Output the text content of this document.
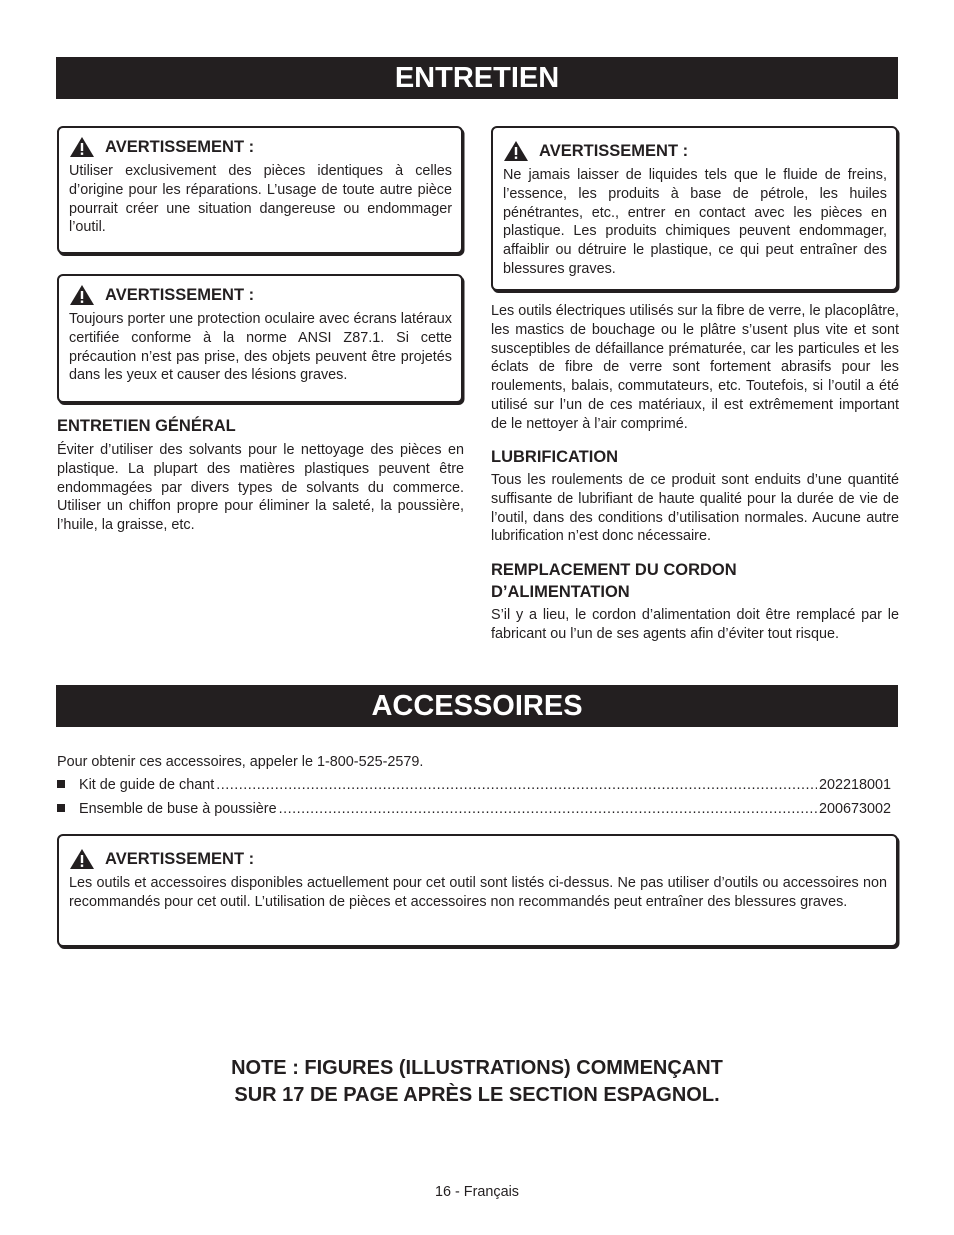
ENTRETIEN
AVERTISSEMENT :
Utiliser exclusivement des pièces identiques à celles d’origine pour les réparations. L’usage de toute autre pièce pourrait créer une situation dangereuse ou endommager l’outil.
AVERTISSEMENT :
Toujours porter une protection oculaire avec écrans latéraux certifiée conforme à la norme ANSI Z87.1. Si cette précaution n’est pas prise, des objets peuvent être projetés dans les yeux et causer des lésions graves.
ENTRETIEN GÉNÉRAL
Éviter d’utiliser des solvants pour le nettoyage des pièces en plastique. La plupart des matières plastiques peuvent être endommagées par divers types de solvants du commerce. Utiliser un chiffon propre pour éliminer la saleté, la poussière, l’huile, la graisse, etc.
AVERTISSEMENT :
Ne jamais laisser de liquides tels que le fluide de freins, l’essence, les produits à base de pétrole, les huiles pénétrantes, etc., entrer en contact avec les pièces en plastique. Les produits chimiques peuvent endommager, affaiblir ou détruire le plastique, ce qui peut entraîner des blessures graves.
Les outils électriques utilisés sur la fibre de verre, le placoplâtre, les mastics de bouchage ou le plâtre s’usent plus vite et sont susceptibles de défaillance prématurée, car les particules et les éclats de fibre de verre sont fortement abrasifs pour les roulements, balais, commutateurs, etc. Toutefois, si l’outil a été utilisé sur l’un de ces matériaux, il est extrêmement important de le nettoyer à l’air comprimé.
LUBRIFICATION
Tous les roulements de ce produit sont enduits d’une quantité suffisante de lubrifiant de haute qualité pour la durée de vie de l’outil, dans des conditions d’utilisation normales. Aucune autre lubrification n’est donc nécessaire.
REMPLACEMENT DU CORDON
D’ALIMENTATION
S’il y a lieu, le cordon d’alimentation doit être remplacé par le fabricant ou l’un de ses agents afin d’éviter tout risque.
ACCESSOIRES
Pour obtenir ces accessoires, appeler le 1-800-525-2579.
Kit de guide de chant .....	202218001
Ensemble de buse à poussière .....	200673002
AVERTISSEMENT :
Les outils et accessoires disponibles actuellement pour cet outil sont listés ci-dessus. Ne pas utiliser d’outils ou accessoires non recommandés pour cet outil. L’utilisation de pièces et accessoires non recommandés peut entraîner des blessures graves.
NOTE : FIGURES (ILLUSTRATIONS) COMMENÇANT
SUR 17 DE PAGE APRÈS LE SECTION ESPAGNOL.
16 - Français
